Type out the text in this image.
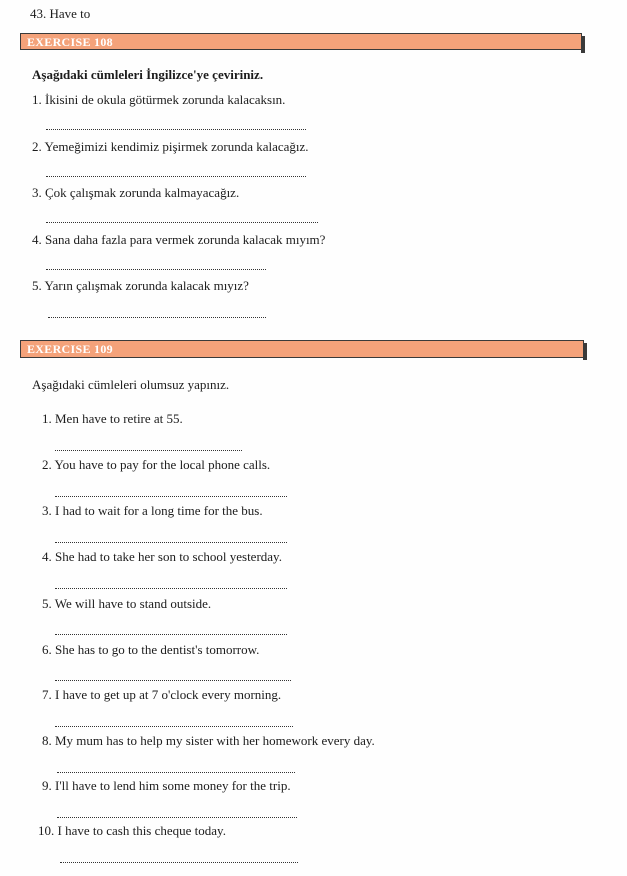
43. Have to
EXERCISE 108
Aşağıdaki cümleleri İngilizce'ye çeviriniz.
1. İkisini de okula götürmek zorunda kalacaksın.
2. Yemeğimizi kendimiz pişirmek zorunda kalacağız.
3. Çok çalışmak zorunda kalmayacağız.
4. Sana daha fazla para vermek zorunda kalacak mıyım?
5. Yarın çalışmak zorunda kalacak mıyız?
EXERCISE 109
Aşağıdaki cümleleri olumsuz yapınız.
1. Men have to retire at 55.
2. You have to pay for the local phone calls.
3. I had to wait for a long time for the bus.
4. She had to take her son to school yesterday.
5. We will have to stand outside.
6. She has to go to the dentist's tomorrow.
7. I have to get up at 7 o'clock every morning.
8. My mum has to help my sister with her homework every day.
9. I'll have to lend him some money for the trip.
10. I have to cash this cheque today.
